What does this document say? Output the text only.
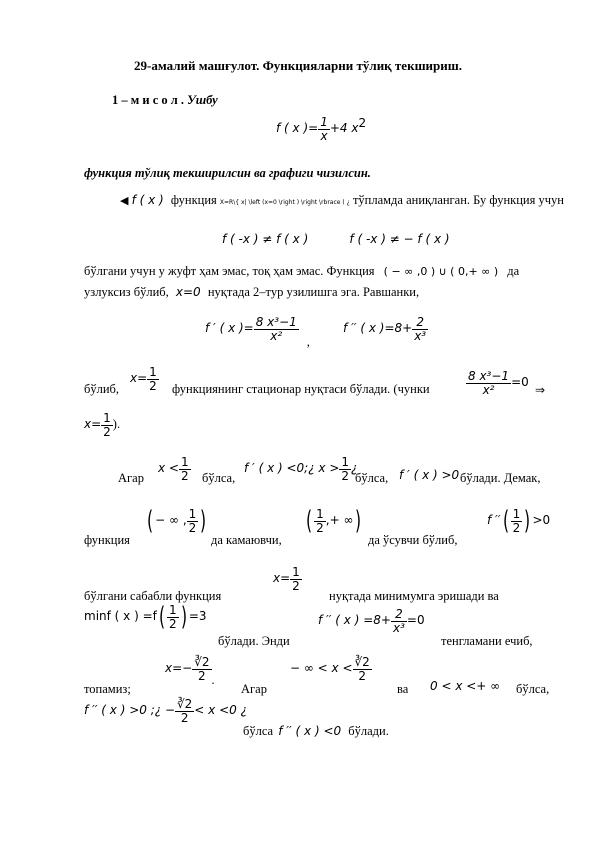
29-амалий машғулот. Функцияларни тўлиқ текшириш.
1 – м и с о л . Ушбу
f ( x )= $\frac{1}{x} +4$ $x^2$
функция тўлиқ текширилсин ва графиги чизилсин.
◀ f ( x ) функция X=R\{ x| \left (x=0 \right ) \right \rbrace ( ¿ тўпламда аниқланган. Бу функция учун
f ( -x ) ≠ f ( x )	f ( -x ) ≠ − f ( x )
бўлгани учун у жуфт ҳам эмас, тоқ ҳам эмас. Функция ( − ∞ ,0 ) ∪ ( 0,+ ∞ ) да
узлуксиз бўлиб, x=0 нуқтада 2–тур узилишга эга. Равшанки,
f ′ ( x )= $\frac{\text{8 x³−1}}{\text{x²}}$ , f ′′ ( x )$=8+ \frac{2}{\text{x³}}$
$x= \frac{1}{2}$
бўлиб,	функциянинг стационар нуқтаси бўлади. (чунки	$\frac{\text{8 x³−1}}{\text{x²}} =0$
⇒
$x= \frac{1}{2}$ ).
Агар
$x < \frac{1}{2}$ бўлса,
f ′ ( x ) <0;¿ $x > \frac{1}{2}$ ¿
бўлса, f ′ ( x ) >0 бўлади. Демак,
функция
( − ∞ , $\frac{1}{2}$ )
да камаювчи,
( $\frac{1}{2}$ ,+ ∞)
да ўсувчи бўлиб,
f ′′( $\frac{1}{2}$ ) >0
бўлгани сабабли функция
$x= \frac{1}{2}$
нуқтада минимумга эришади ва
minf ( x ) $=f( \frac{1}{2}$ ) =3
бўлади. Энди
f ′′ ( x ) $=8+ \frac{2}{\text{x³}} =0$
тенгламани ечиб,
топамиз;
$x=- \frac{∛2}{2}$ .
Агар
− ∞ < $x < \frac{∛2}{2}$
ва 0 < x <+ ∞ бўлса,
f ′′ ( x ) >0 ;¿ − $\frac{∛2}{2} < x <0$ ¿
бўлса f ′′ ( x ) <0 бўлади.
